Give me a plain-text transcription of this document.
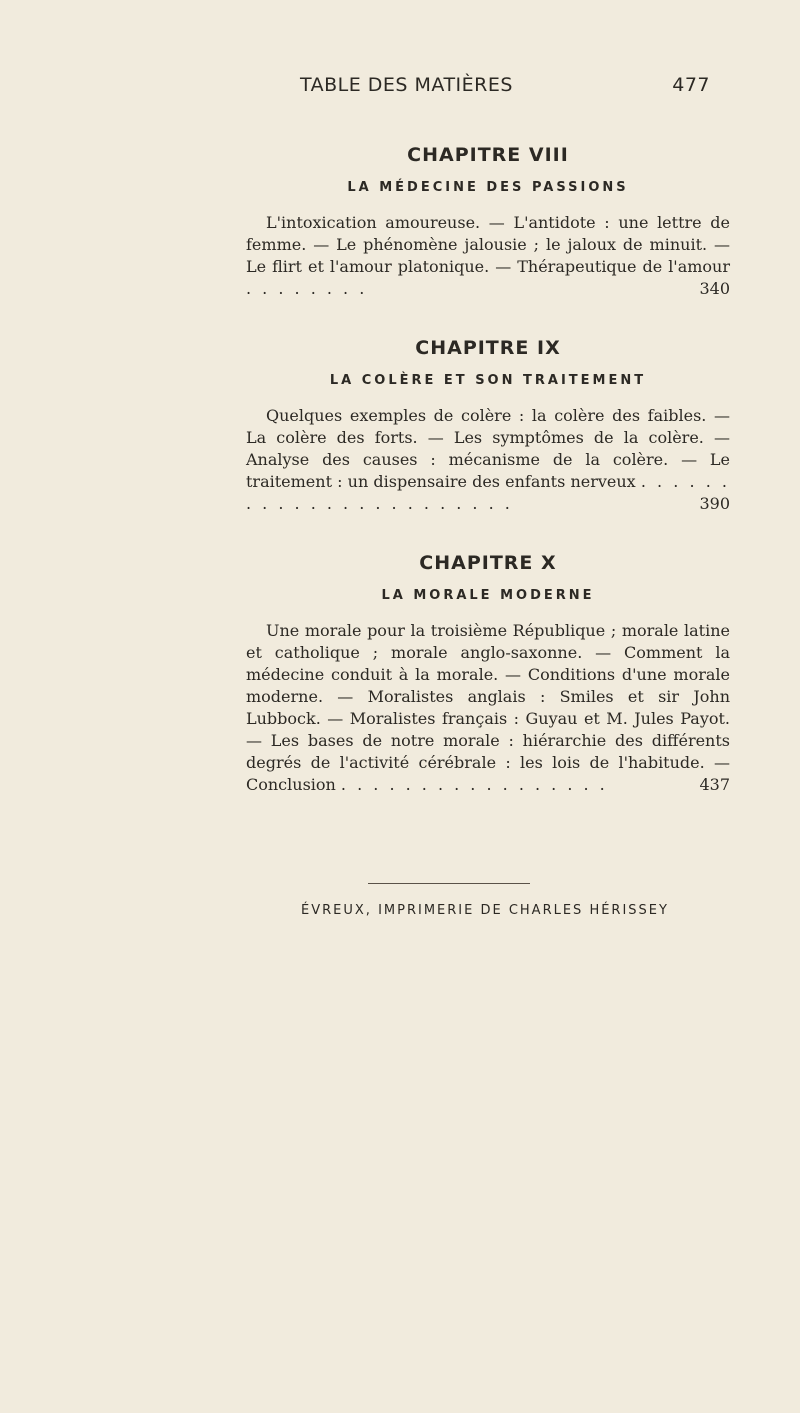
TABLE DES MATIÈRES	477
CHAPITRE VIII
LA MÉDECINE DES PASSIONS

L'intoxication amoureuse. — L'antidote : une lettre de femme. — Le phénomène jalousie ; le jaloux de minuit. — Le flirt et l'amour platonique. — Thérapeutique de l'amour . . . . . . . .	340

CHAPITRE IX
LA COLÈRE ET SON TRAITEMENT

Quelques exemples de colère : la colère des faibles. — La colère des forts. — Les symptômes de la colère. — Analyse des causes : mécanisme de la colère. — Le traitement : un dispensaire des enfants nerveux . . . . . . . . . . . . . . . . . . . . . . .	390

CHAPITRE X
LA MORALE MODERNE

Une morale pour la troisième République ; morale latine et catholique ; morale anglo-saxonne. — Comment la médecine conduit à la morale. — Conditions d'une morale moderne. — Moralistes anglais : Smiles et sir John Lubbock. — Moralistes français : Guyau et M. Jules Payot. — Les bases de notre morale : hiérarchie des différents degrés de l'activité cérébrale : les lois de l'habitude. — Conclusion . . . . . . . . . . . . . . . . .	437

ÉVREUX, IMPRIMERIE DE CHARLES HÉRISSEY
